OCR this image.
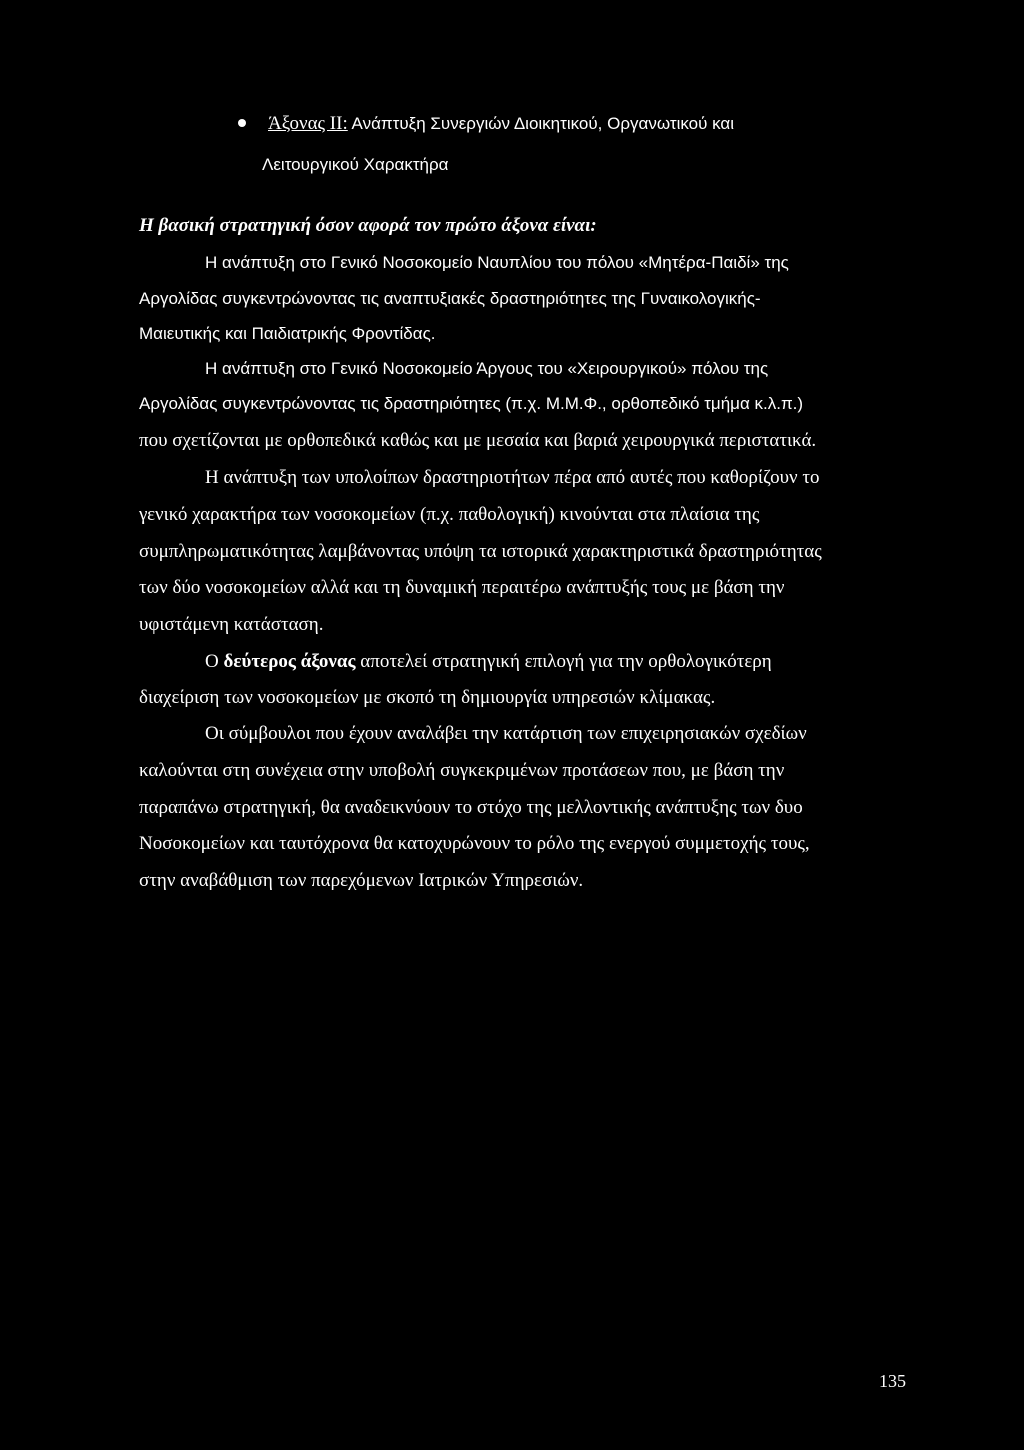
Άξονας ΙΙ: Ανάπτυξη Συνεργιών Διοικητικού, Οργανωτικού και
Λειτουργικού Χαρακτήρα
Η βασική στρατηγική όσον αφορά τον πρώτο άξονα είναι:
Η ανάπτυξη στο Γενικό Νοσοκομείο Ναυπλίου του πόλου «Μητέρα-Παιδί» της
Αργολίδας συγκεντρώνοντας τις αναπτυξιακές δραστηριότητες της Γυναικολογικής-
Μαιευτικής και Παιδιατρικής Φροντίδας.
Η ανάπτυξη στο Γενικό Νοσοκομείο Άργους του «Χειρουργικού» πόλου της
Αργολίδας συγκεντρώνοντας τις δραστηριότητες (π.χ. Μ.Μ.Φ., ορθοπεδικό τμήμα κ.λ.π.)
που σχετίζονται με ορθοπεδικά καθώς και με μεσαία και βαριά χειρουργικά περιστατικά.
Η ανάπτυξη των υπολοίπων δραστηριοτήτων πέρα από αυτές που καθορίζουν το
γενικό χαρακτήρα των νοσοκομείων (π.χ. παθολογική) κινούνται στα πλαίσια της
συμπληρωματικότητας λαμβάνοντας υπόψη τα ιστορικά χαρακτηριστικά δραστηριότητας
των δύο νοσοκομείων αλλά και τη δυναμική περαιτέρω ανάπτυξής τους με βάση την
υφιστάμενη κατάσταση.
Ο δεύτερος άξονας αποτελεί στρατηγική επιλογή για την ορθολογικότερη
διαχείριση των νοσοκομείων με σκοπό τη δημιουργία υπηρεσιών κλίμακας.
Οι σύμβουλοι που έχουν αναλάβει την κατάρτιση των επιχειρησιακών σχεδίων
καλούνται στη συνέχεια στην υποβολή συγκεκριμένων προτάσεων που, με βάση την
παραπάνω στρατηγική, θα αναδεικνύουν το στόχο της μελλοντικής ανάπτυξης των δυο
Νοσοκομείων και ταυτόχρονα θα κατοχυρώνουν το ρόλο της ενεργού συμμετοχής τους,
στην αναβάθμιση των παρεχόμενων Ιατρικών Υπηρεσιών.
135
